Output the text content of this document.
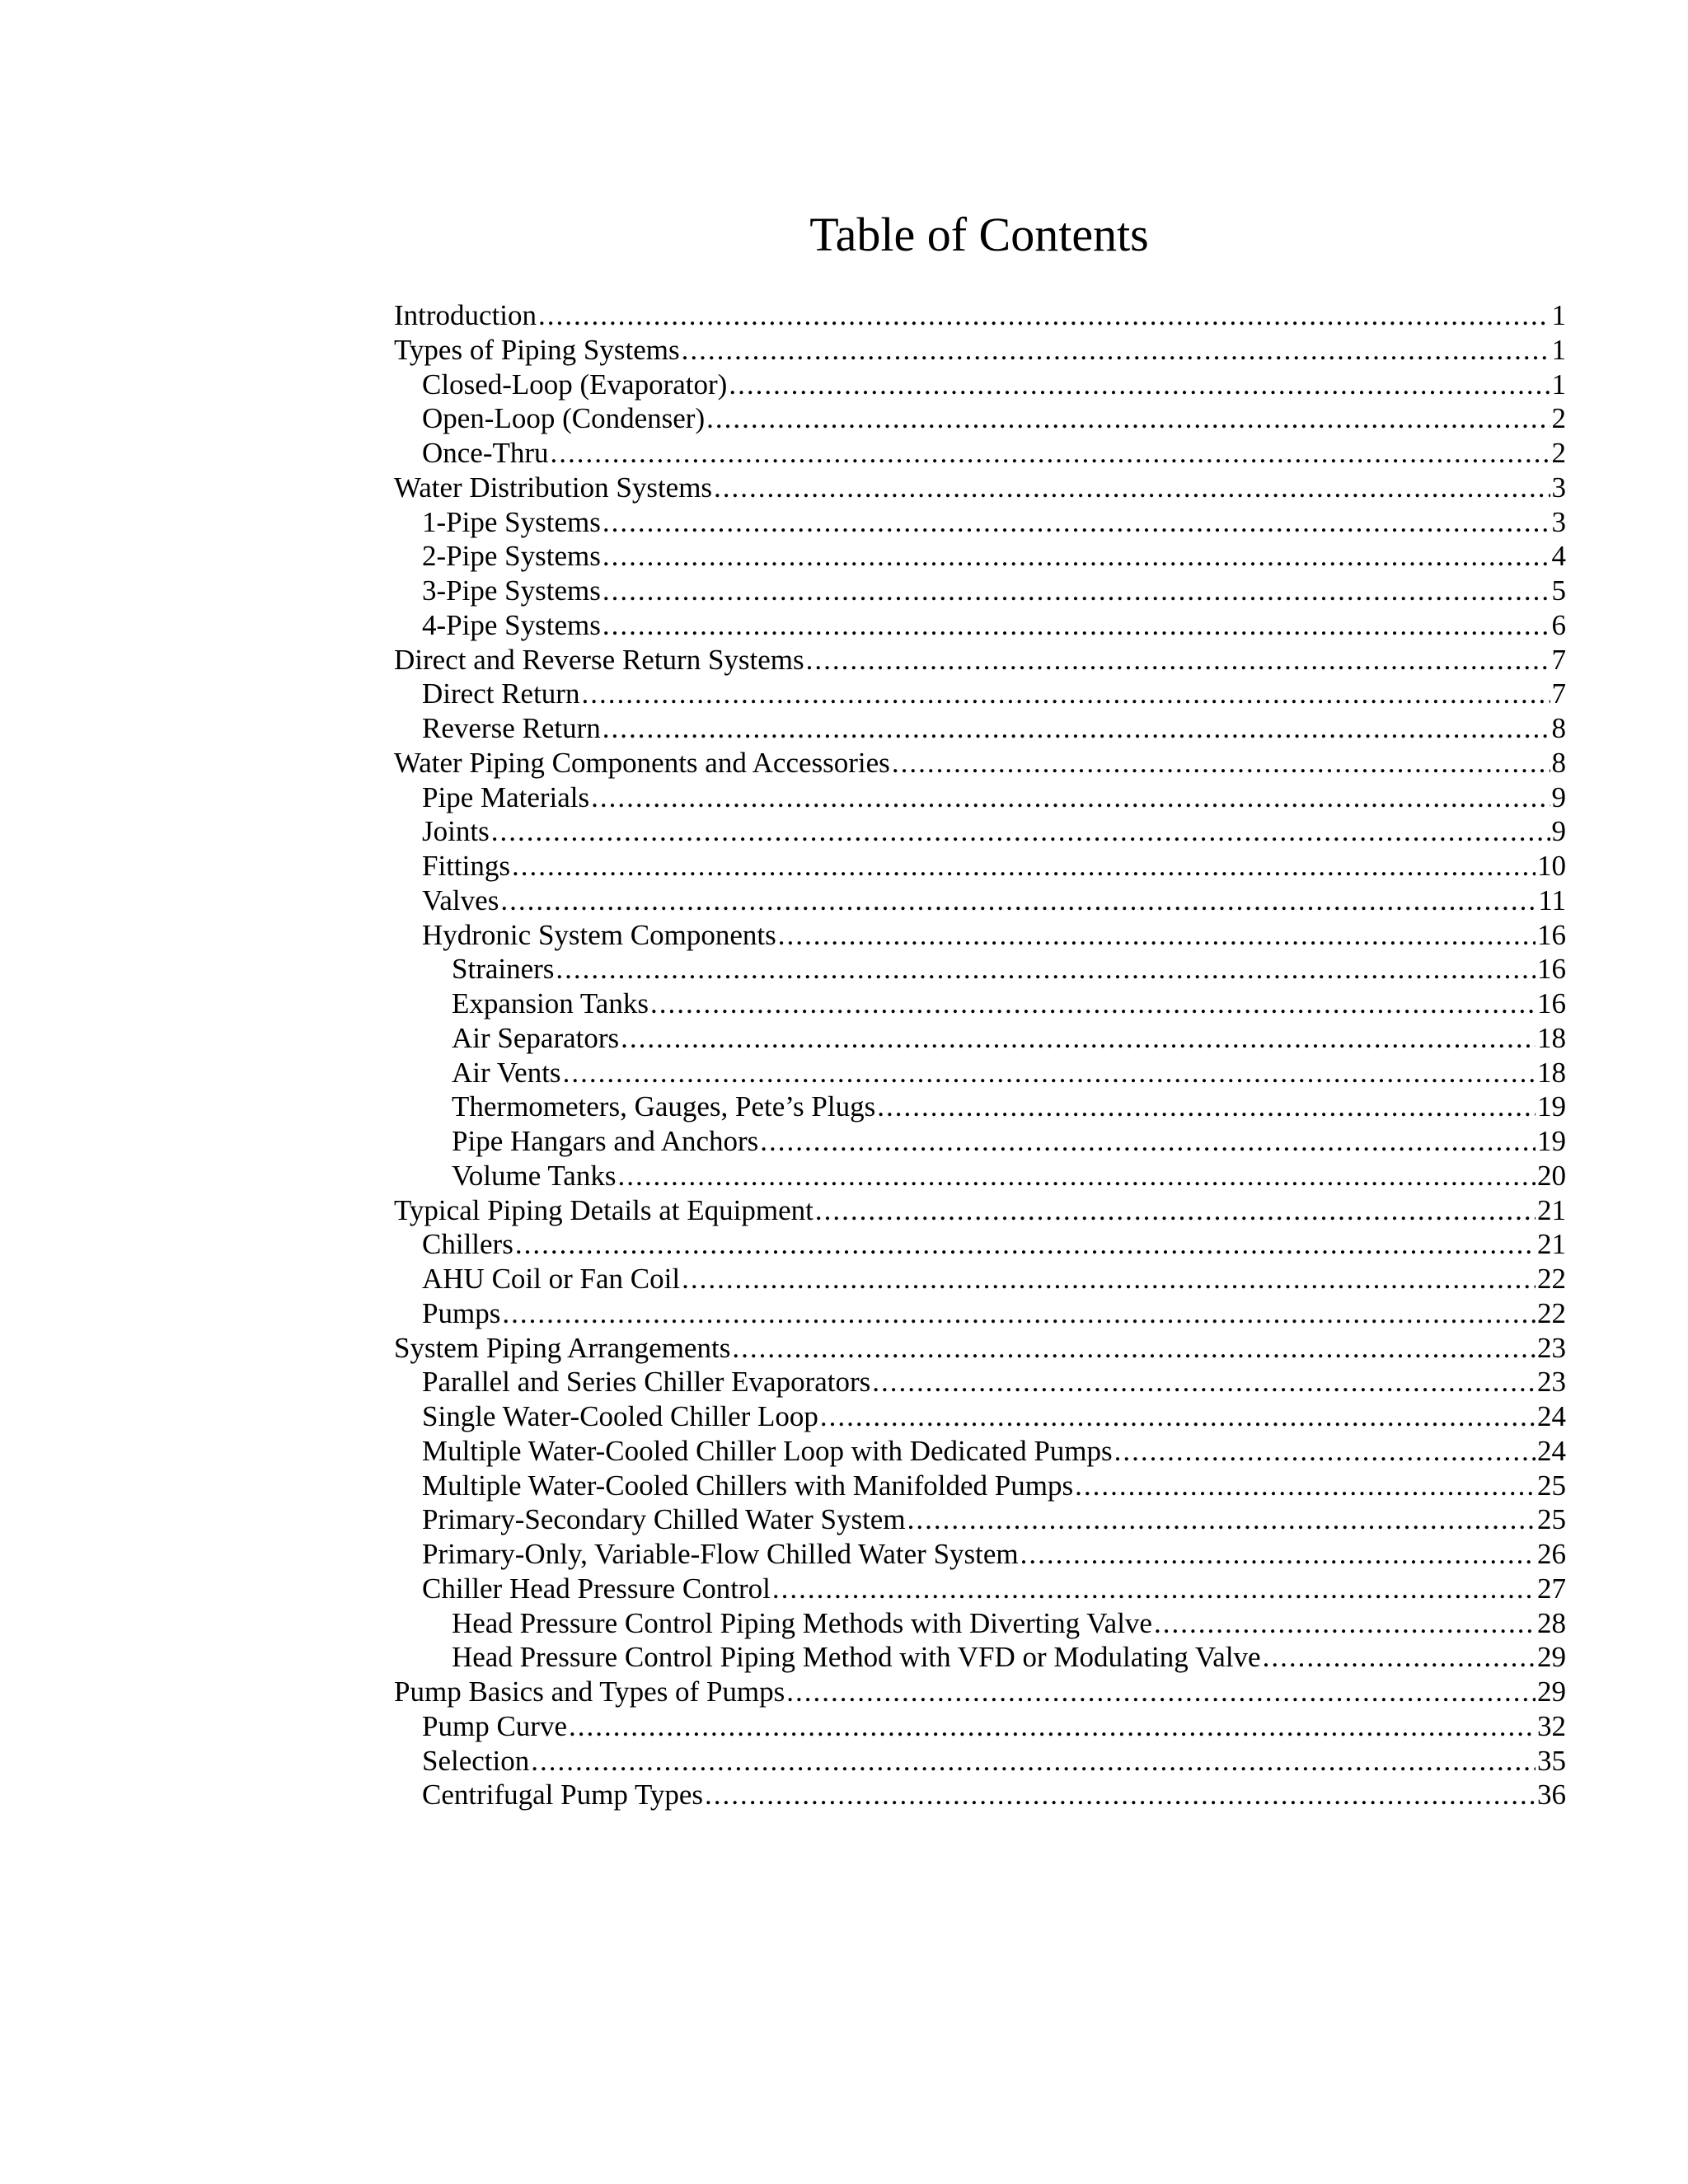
Table of Contents
Introduction .....	1
Types of Piping Systems .....	1
Closed-Loop (Evaporator) .....	1
Open-Loop (Condenser) .....	2
Once-Thru .....	2
Water Distribution Systems .....	3
1-Pipe Systems .....	3
2-Pipe Systems .....	4
3-Pipe Systems .....	5
4-Pipe Systems .....	6
Direct and Reverse Return Systems .....	7
Direct Return .....	7
Reverse Return .....	8
Water Piping Components and Accessories .....	8
Pipe Materials .....	9
Joints .....	9
Fittings .....	10
Valves .....	11
Hydronic System Components .....	16
Strainers .....	16
Expansion Tanks .....	16
Air Separators .....	18
Air Vents .....	18
Thermometers, Gauges, Pete’s Plugs .....	19
Pipe Hangars and Anchors .....	19
Volume Tanks .....	20
Typical Piping Details at Equipment .....	21
Chillers .....	21
AHU Coil or Fan Coil .....	22
Pumps .....	22
System Piping Arrangements .....	23
Parallel and Series Chiller Evaporators .....	23
Single Water-Cooled Chiller Loop .....	24
Multiple Water-Cooled Chiller Loop with Dedicated Pumps .....	24
Multiple Water-Cooled Chillers with Manifolded Pumps .....	25
Primary-Secondary Chilled Water System .....	25
Primary-Only, Variable-Flow Chilled Water System .....	26
Chiller Head Pressure Control .....	27
Head Pressure Control Piping Methods with Diverting Valve .....	28
Head Pressure Control Piping Method with VFD or Modulating Valve .....	29
Pump Basics and Types of Pumps .....	29
Pump Curve .....	32
Selection .....	35
Centrifugal Pump Types .....	36
